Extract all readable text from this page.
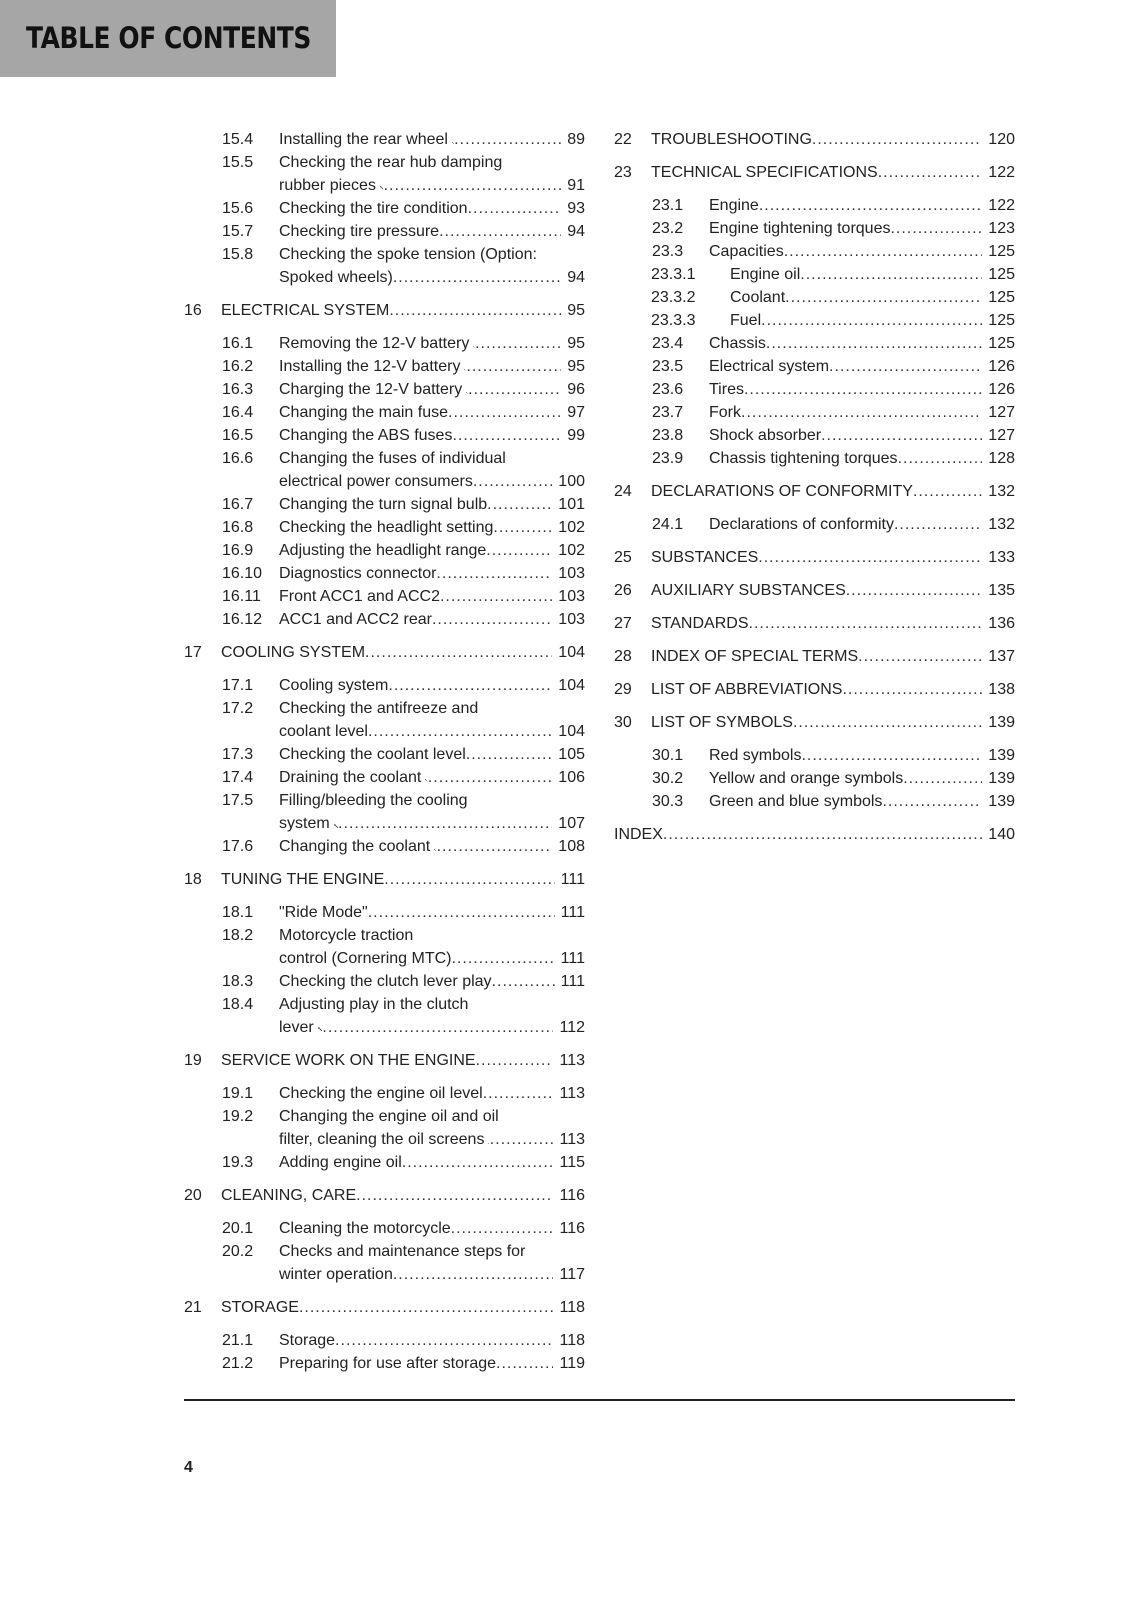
TABLE OF CONTENTS
15.4 Installing the rear wheel .....	89
15.5 Checking the rear hub damping
rubber pieces .....	91
15.6 Checking the tire condition .....	93
15.7 Checking tire pressure .....	94
15.8 Checking the spoke tension (Option:
Spoked wheels) .....	94
16 ELECTRICAL SYSTEM .....	95
16.1 Removing the 12-V battery .....	95
16.2 Installing the 12-V battery .....	95
16.3 Charging the 12-V battery .....	96
16.4 Changing the main fuse .....	97
16.5 Changing the ABS fuses .....	99
16.6 Changing the fuses of individual
electrical power consumers .....	100
16.7 Changing the turn signal bulb .....	101
16.8 Checking the headlight setting .....	102
16.9 Adjusting the headlight range .....	102
16.10 Diagnostics connector .....	103
16.11 Front ACC1 and ACC2 .....	103
16.12 ACC1 and ACC2 rear .....	103
17 COOLING SYSTEM .....	104
17.1 Cooling system .....	104
17.2 Checking the antifreeze and
coolant level .....	104
17.3 Checking the coolant level .....	105
17.4 Draining the coolant .....	106
17.5 Filling/bleeding the cooling
system .....	107
17.6 Changing the coolant .....	108
18 TUNING THE ENGINE .....	111
18.1 "Ride Mode" .....	111
18.2 Motorcycle traction
control (Cornering MTC) .....	111
18.3 Checking the clutch lever play .....	111
18.4 Adjusting play in the clutch
lever .....	112
19 SERVICE WORK ON THE ENGINE .....	113
19.1 Checking the engine oil level .....	113
19.2 Changing the engine oil and oil
filter, cleaning the oil screens .....	113
19.3 Adding engine oil .....	115
20 CLEANING, CARE .....	116
20.1 Cleaning the motorcycle .....	116
20.2 Checks and maintenance steps for
winter operation .....	117
21 STORAGE .....	118
21.1 Storage .....	118
21.2 Preparing for use after storage .....	119
22 TROUBLESHOOTING .....	120
23 TECHNICAL SPECIFICATIONS .....	122
23.1 Engine .....	122
23.2 Engine tightening torques .....	123
23.3 Capacities .....	125
23.3.1 Engine oil .....	125
23.3.2 Coolant .....	125
23.3.3 Fuel .....	125
23.4 Chassis .....	125
23.5 Electrical system .....	126
23.6 Tires .....	126
23.7 Fork .....	127
23.8 Shock absorber .....	127
23.9 Chassis tightening torques .....	128
24 DECLARATIONS OF CONFORMITY .....	132
24.1 Declarations of conformity .....	132
25 SUBSTANCES .....	133
26 AUXILIARY SUBSTANCES .....	135
27 STANDARDS .....	136
28 INDEX OF SPECIAL TERMS .....	137
29 LIST OF ABBREVIATIONS .....	138
30 LIST OF SYMBOLS .....	139
30.1 Red symbols .....	139
30.2 Yellow and orange symbols .....	139
30.3 Green and blue symbols .....	139
INDEX .....	140
4
